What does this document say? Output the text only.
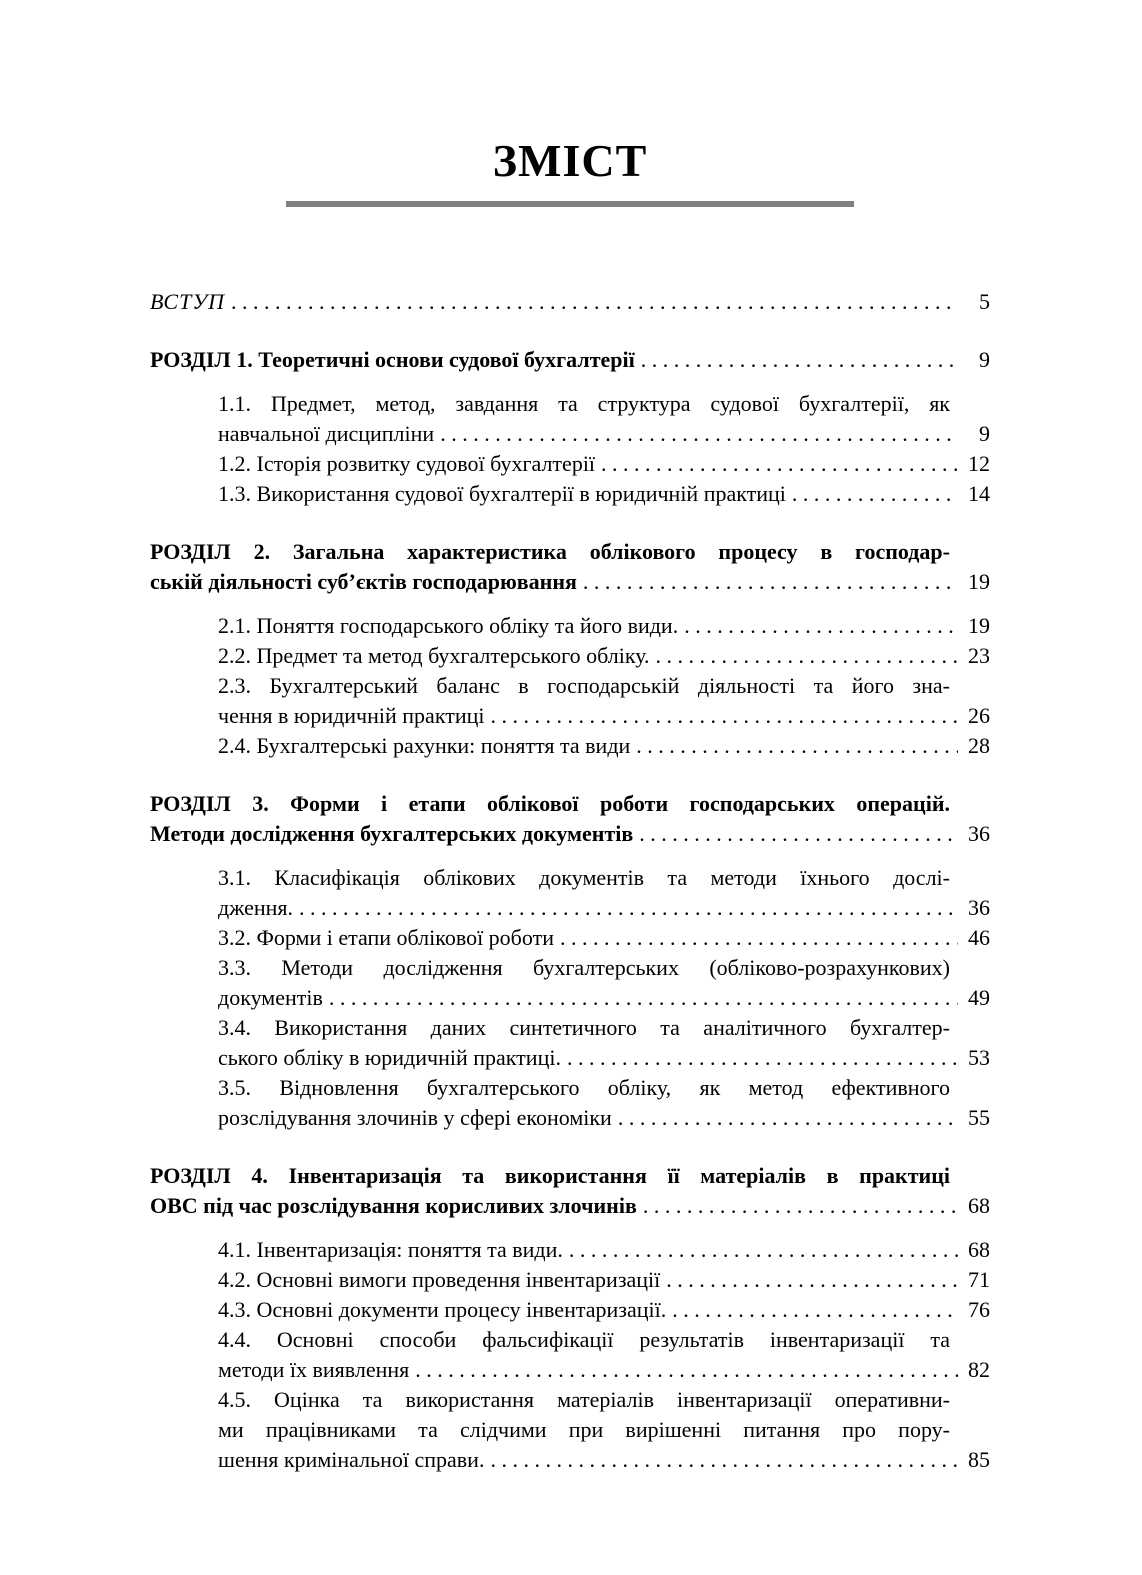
ЗМІСТ
ВСТУП . . .	5
РОЗДІЛ 1. Теоретичні основи судової бухгалтерії . . .	9
1.1. Предмет, метод, завдання та структура судової бухгалтерії, як
навчальної дисципліни . . .	9
1.2. Історія розвитку судової бухгалтерії . . .	12
1.3. Використання судової бухгалтерії в юридичній практиці . . .	14
РОЗДІЛ 2. Загальна характеристика облікового процесу в господар-
ській діяльності суб’єктів господарювання . . .	19
2.1. Поняття господарського обліку та його види. . . .	19
2.2. Предмет та метод бухгалтерського обліку. . . .	23
2.3. Бухгалтерський баланс в господарській діяльності та його зна-
чення в юридичній практиці . . .	26
2.4. Бухгалтерські рахунки: поняття та види . . .	28
РОЗДІЛ 3. Форми і етапи облікової роботи господарських операцій.
Методи дослідження бухгалтерських документів . . .	36
3.1. Класифікація облікових документів та методи їхнього дослі-
дження. . . .	36
3.2. Форми і етапи облікової роботи . . .	46
3.3. Методи дослідження бухгалтерських (обліково-розрахункових)
документів . . .	49
3.4. Використання даних синтетичного та аналітичного бухгалтер-
ського обліку в юридичній практиці. . . .	53
3.5. Відновлення бухгалтерського обліку, як метод ефективного
розслідування злочинів у сфері економіки . . .	55
РОЗДІЛ 4. Інвентаризація та використання її матеріалів в практиці
ОВС під час розслідування корисливих злочинів . . .	68
4.1. Інвентаризація: поняття та види. . . .	68
4.2. Основні вимоги проведення інвентаризації . . .	71
4.3. Основні документи процесу інвентаризації. . . .	76
4.4. Основні способи фальсифікації результатів інвентаризації та
методи їх виявлення . . .	82
4.5. Оцінка та використання матеріалів інвентаризації оперативни-
ми працівниками та слідчими при вирішенні питання про пору-
шення кримінальної справи. . . .	85
